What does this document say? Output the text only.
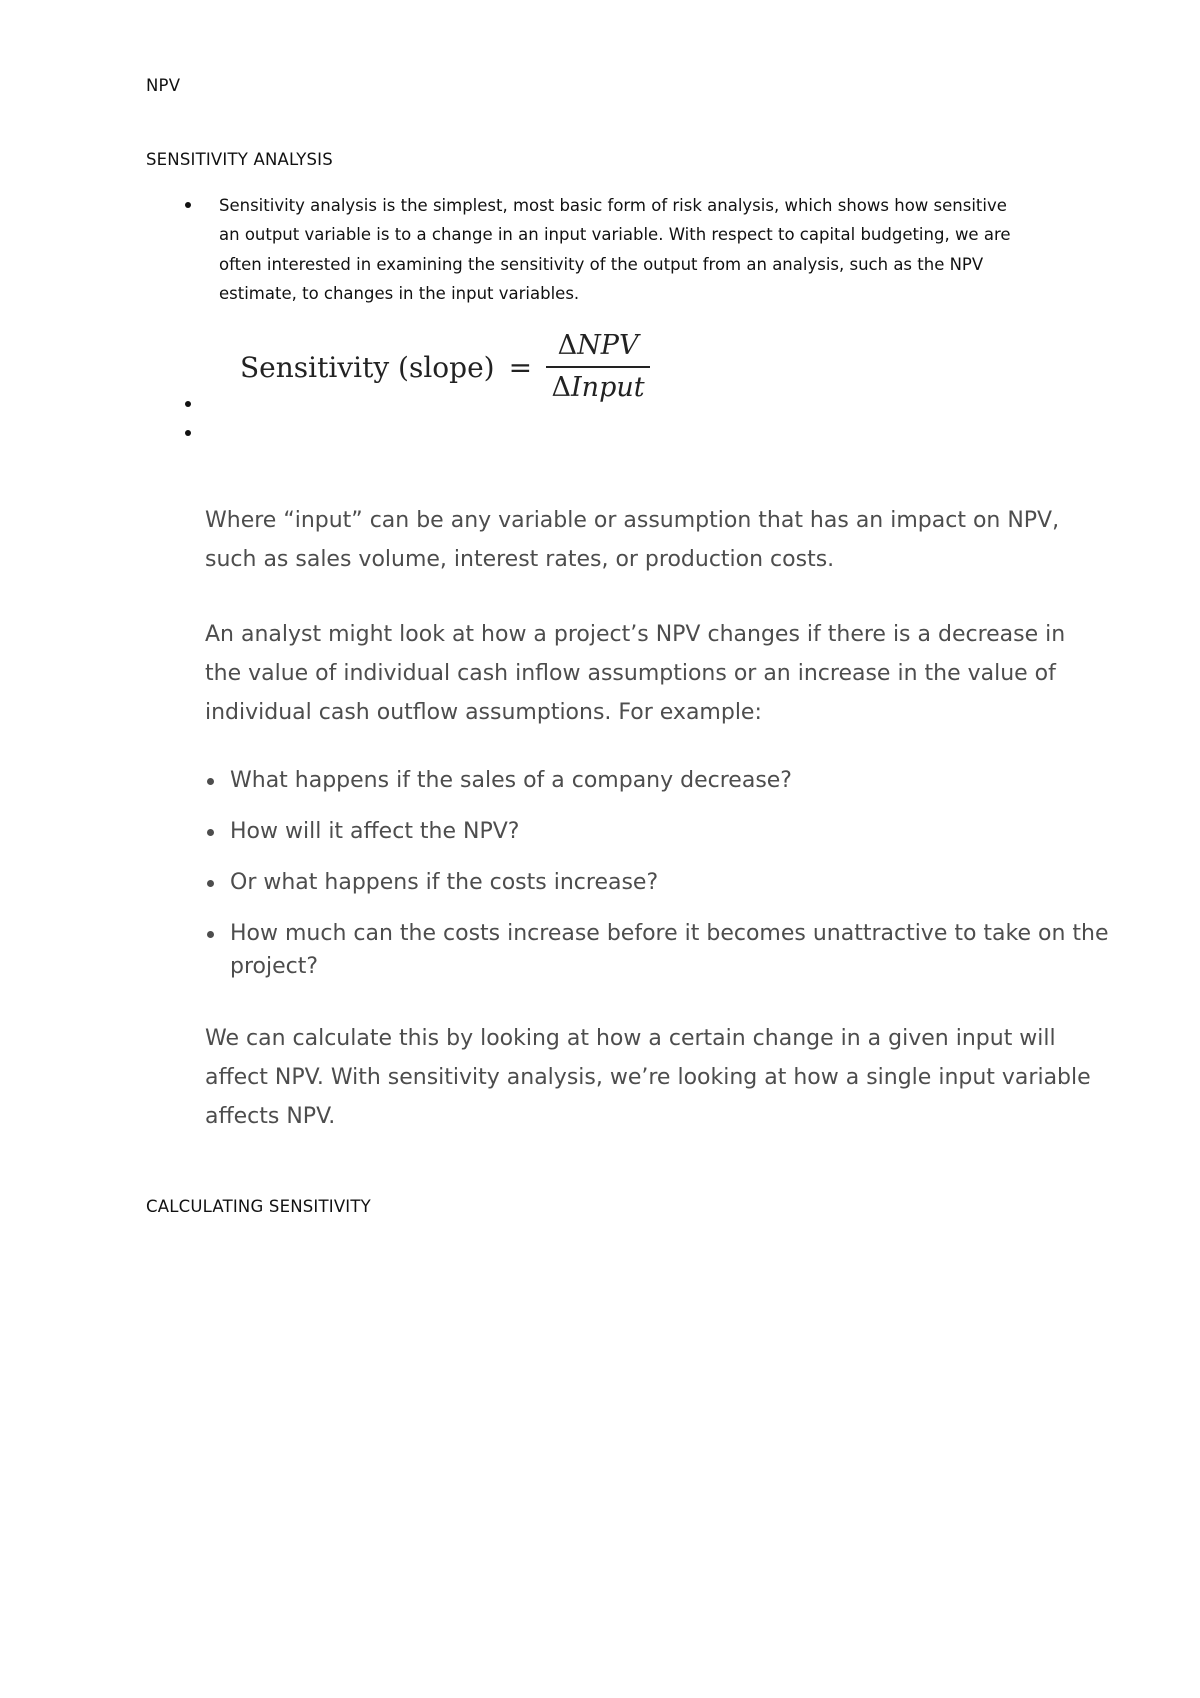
NPV
SENSITIVITY ANALYSIS
Sensitivity analysis is the simplest, most basic form of risk analysis, which shows how sensitive an output variable is to a change in an input variable. With respect to capital budgeting, we are often interested in examining the sensitivity of the output from an analysis, such as the NPV estimate, to changes in the input variables.
Sensitivity (slope) = $\frac{\text{ΔNPV}}{\text{ΔInput}}$

Where “input” can be any variable or assumption that has an impact on NPV, such as sales volume, interest rates, or production costs.

An analyst might look at how a project’s NPV changes if there is a decrease in the value of individual cash inflow assumptions or an increase in the value of individual cash outflow assumptions. For example:

What happens if the sales of a company decrease?
How will it affect the NPV?
Or what happens if the costs increase?
How much can the costs increase before it becomes unattractive to take on the project?

We can calculate this by looking at how a certain change in a given input will affect NPV. With sensitivity analysis, we’re looking at how a single input variable affects NPV.

CALCULATING SENSITIVITY
